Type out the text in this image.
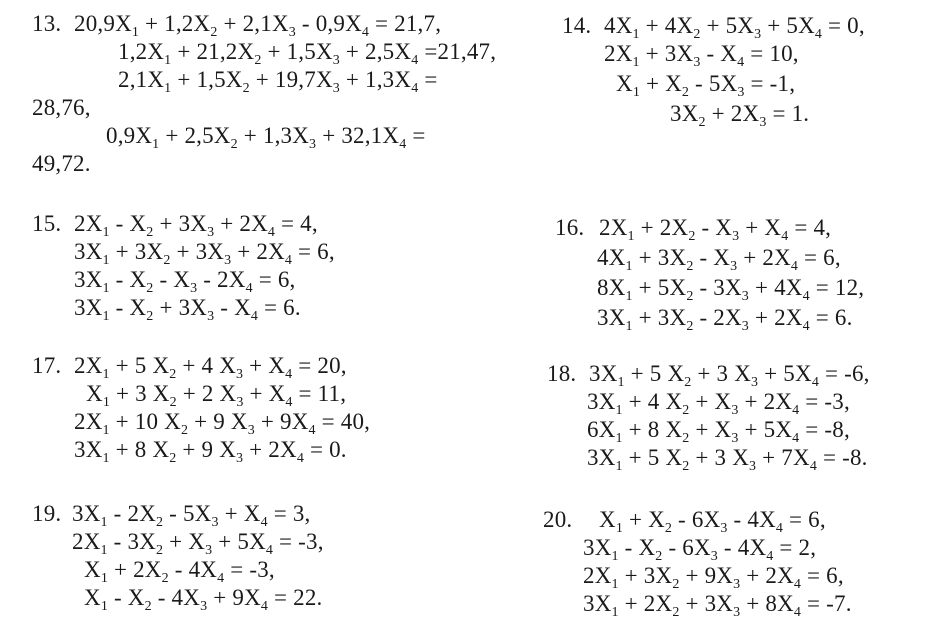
13. $20,9X_1 + 1,2X_2 + 2,1X_3 - 0,9X_4 = 21,7$,
$1,2X_1 + 21,2X_2 + 1,5X_3 + 2,5X_4 =21,47$,
$2,1X_1 + 1,5X_2 + 19,7X_3 + 1,3X_4$ =
28,76,
$0,9X_1 + 2,5X_2 + 1,3X_3 + 32,1X_4$ =
49,72.
14. $4X_1 + 4X_2 + 5X_3 + 5X_4 = 0$,
$2X_1 + 3X_3 - X_4 = 10$,
$X_1 + X_2 - 5X_3 = -1$,
$3X_2 + 2X_3 = 1$.
15. $2X_1 - X_2 + 3X_3 + 2X_4 = 4$,
$3X_1 + 3X_2 + 3X_3 + 2X_4 = 6$,
$3X_1 - X_2 - X_3 - 2X_4 = 6$,
$3X_1 - X_2 + 3X_3 - X_4 = 6$.
16. $2X_1 + 2X_2 - X_3 + X_4 = 4$,
$4X_1 + 3X_2 - X_3 + 2X_4 = 6$,
$8X_1 + 5X_2 - 3X_3 + 4X_4 = 12$,
$3X_1 + 3X_2 - 2X_3 + 2X_4 = 6$.
17. $2X_1 + 5$ $X_2 + 4$ $X_3 + X_4 = 20$,
$X_1 + 3$ $X_2 + 2$ $X_3 + X_4 = 11$,
$2X_1 + 10$ $X_2 + 9$ $X_3 + 9X_4 = 40$,
$3X_1 + 8$ $X_2 + 9$ $X_3 + 2X_4 = 0$.
18. $3X_1 + 5$ $X_2 + 3$ $X_3 + 5X_4 = -6$,
$3X_1 + 4$ $X_2 + X_3 + 2X_4 = -3$,
$6X_1 + 8$ $X_2 + X_3 + 5X_4 = -8$,
$3X_1 + 5$ $X_2 + 3$ $X_3 + 7X_4 = -8$.
19. $3X_1 - 2X_2 - 5X_3 + X_4 = 3$,
$2X_1 - 3X_2 + X_3 + 5X_4 = -3$,
$X_1 + 2X_2 - 4X_4 = -3$,
$X_1 - X_2 - 4X_3 + 9X_4 = 22$.
20. $X_1 + X_2 - 6X_3 - 4X_4 = 6$,
$3X_1 - X_2 - 6X_3 - 4X_4 = 2$,
$2X_1 + 3X_2 + 9X_3 + 2X_4 = 6$,
$3X_1 + 2X_2 + 3X_3 + 8X_4 = -7$.
